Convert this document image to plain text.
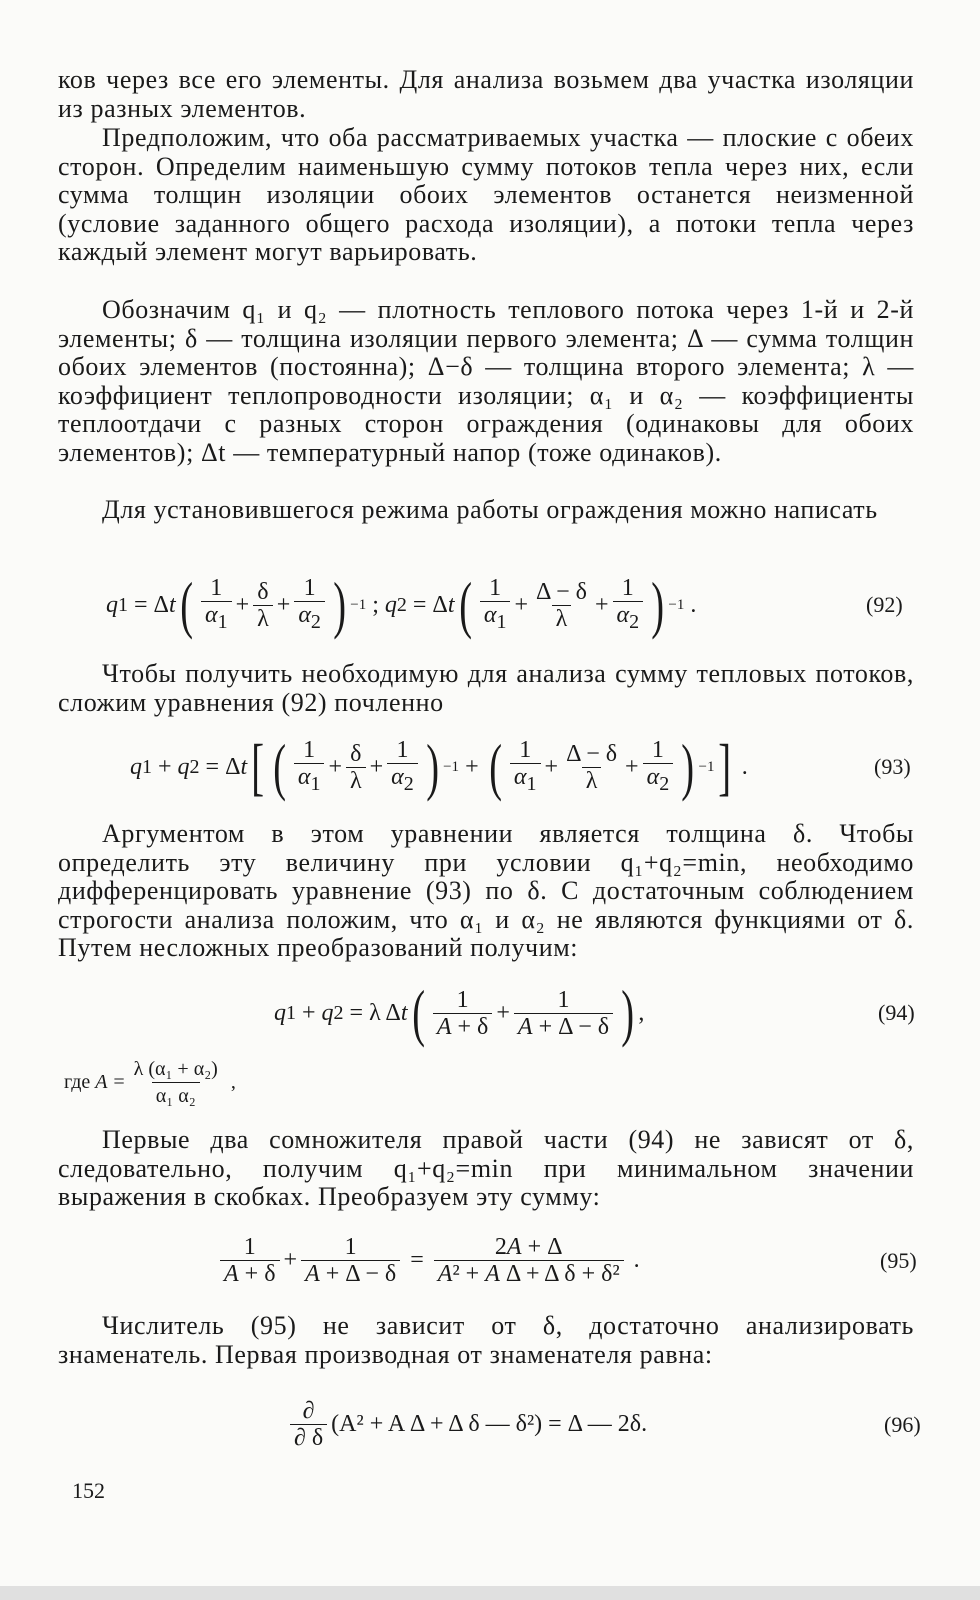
ков через все его элементы. Для анализа возьмем два участка изоляции из разных элементов.

Предположим, что оба рассматриваемых участка — плоские с обеих сторон. Определим наименьшую сумму потоков тепла через них, если сумма толщин изоляции обоих элементов останется неизменной (условие заданного общего расхода изоляции), а потоки тепла через каждый элемент могут варьировать.

Обозначим q₁ и q₂ — плотность теплового потока через 1-й и 2-й элементы; δ — толщина изоляции первого элемента; Δ — сумма толщин обоих элементов (постоянна); Δ−δ — толщина второго элемента; λ — коэффициент теплопроводности изоляции; α₁ и α₂ — коэффициенты теплоотдачи с разных сторон ограждения (одинаковы для обоих элементов); Δt — температурный напор (тоже одинаков).

Для установившегося режима работы ограждения можно написать

q 1 = Δ t ( $\frac{1}{\alpha_1} + \frac{\delta}{\lambda} + \frac{1}{\alpha_2}$ ) −1 ; q 2 = Δ t ( $\frac{1}{\alpha_1} + \frac{\Delta - \delta}{\lambda} + \frac{1}{\alpha_2}$ ) −1 .	(92)

Чтобы получить необходимую для анализа сумму тепловых потоков, сложим уравнения (92) почленно

q 1 + q 2 = Δ t [ ( $\frac{1}{\alpha_1} + \frac{\delta}{\lambda} + \frac{1}{\alpha_2}$ ) −1 + ( $\frac{1}{\alpha_1} + \frac{\Delta - \delta}{\lambda} + \frac{1}{\alpha_2}$ ) −1 ] .	(93)

Аргументом в этом уравнении является толщина δ. Чтобы определить эту величину при условии q₁+q₂=min, необходимо дифференцировать уравнение (93) по δ. С достаточным соблюдением строгости анализа положим, что α₁ и α₂ не являются функциями от δ. Путем несложных преобразований получим:

q 1 + q 2 = λ Δ t ( $\frac{1}{A + \delta} + \frac{1}{A + \Delta - \delta}$ ) ,	(94)
где
$A = \frac{\text{λ (α₁ + α₂)}}{\text{α₁ α₂}}$ ,

Первые два сомножителя правой части (94) не зависят от δ, следовательно, получим q₁+q₂=min при минимальном значении выражения в скобках. Преобразуем эту сумму:

$\frac{1}{A + \delta} + \frac{1}{A + \Delta - \delta} = \frac{2A + \Delta}{\text{A² + A Δ + Δ δ + δ²}}$ .	(95)

Числитель (95) не зависит от δ, достаточно анализировать знаменатель. Первая производная от знаменателя равна:

$\frac{\partial}{\partial \delta} (A^2 + A$ Δ + Δ δ — δ²) = Δ — 2δ.	(96)
152
